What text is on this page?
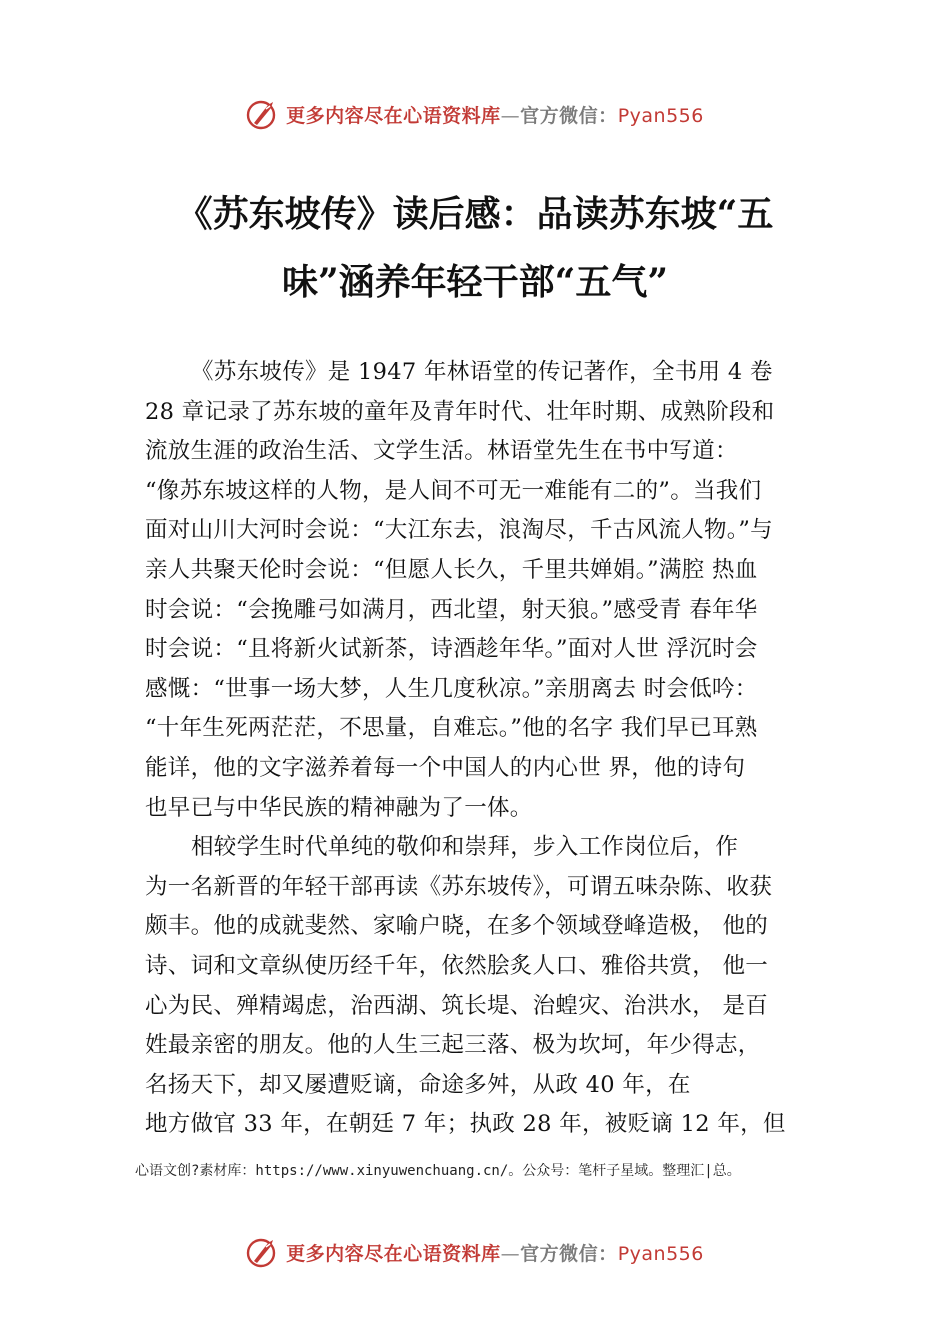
更多内容尽在心语资料库—官方微信：Pyan556
《苏东坡传》读后感：品读苏东坡“五
味”涵养年轻干部“五气”
《苏东坡传》是 1947 年林语堂的传记著作，全书用 4 卷
28 章记录了苏东坡的童年及青年时代、壮年时期、成熟阶段和
流放生涯的政治生活、文学生活。林语堂先生在书中写道：
“像苏东坡这样的人物，是人间不可无一难能有二的”。当我们
面对山川大河时会说：“大江东去，浪淘尽，千古风流人物。”与
亲人共聚天伦时会说：“但愿人长久，千里共婵娟。”满腔 热血
时会说：“会挽雕弓如满月，西北望，射天狼。”感受青 春年华
时会说：“且将新火试新茶，诗酒趁年华。”面对人世 浮沉时会
感慨：“世事一场大梦，人生几度秋凉。”亲朋离去 时会低吟：
“十年生死两茫茫，不思量，自难忘。”他的名字 我们早已耳熟
能详，他的文字滋养着每一个中国人的内心世 界，他的诗句
也早已与中华民族的精神融为了一体。
相较学生时代单纯的敬仰和崇拜，步入工作岗位后，作
为一名新晋的年轻干部再读《苏东坡传》，可谓五味杂陈、收获
颇丰。他的成就斐然、家喻户晓，在多个领域登峰造极， 他的
诗、词和文章纵使历经千年，依然脍炙人口、雅俗共赏， 他一
心为民、殚精竭虑，治西湖、筑长堤、治蝗灾、治洪水， 是百
姓最亲密的朋友。他的人生三起三落、极为坎坷，年少得志，
名扬天下，却又屡遭贬谪，命途多舛，从政 40 年，在
地方做官 33 年，在朝廷 7 年；执政 28 年，被贬谪 12 年，但
心语文创?素材库：https://www.xinyuwenchuang.cn/。公众号：笔杆子星域。整理汇|总。
更多内容尽在心语资料库—官方微信：Pyan556
